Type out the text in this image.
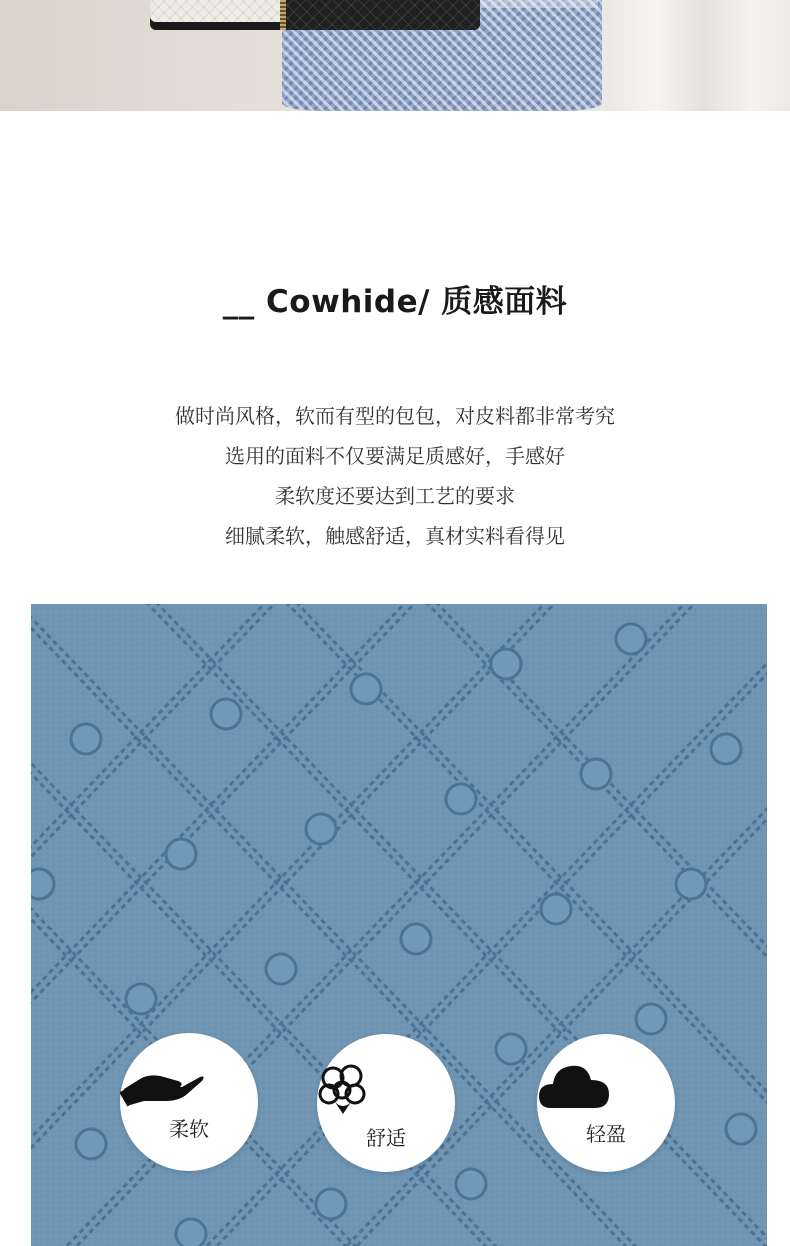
__ Cowhide/ 质感面料
做时尚风格，软而有型的包包，对皮料都非常考究
选用的面料不仅要满足质感好，手感好
柔软度还要达到工艺的要求
细腻柔软，触感舒适，真材实料看得见
柔软	舒适	轻盈
